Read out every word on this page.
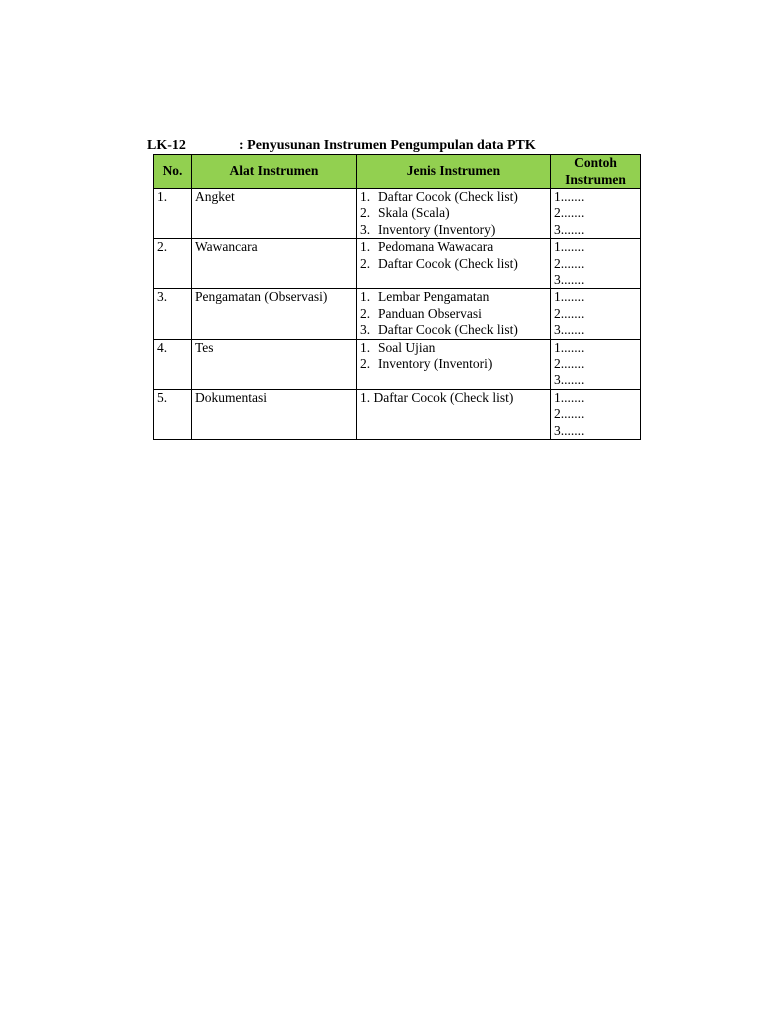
LK-12	: Penyusunan Instrumen Pengumpulan data PTK
No.	Alat Instrumen	Jenis Instrumen	Contoh
Instrumen

1.	Angket	1. Daftar Cocok (Check list)
2. Skala (Scala)
3. Inventory (Inventory)	1.......
2.......
3.......

2.	Wawancara	1. Pedomana Wawacara
2. Daftar Cocok (Check list)	1.......
2.......
3.......

3.	Pengamatan (Observasi)	1. Lembar Pengamatan
2. Panduan Observasi
3. Daftar Cocok (Check list)	1.......
2.......
3.......

4.	Tes	1. Soal Ujian
2. Inventory (Inventori)	1.......
2.......
3.......

5.	Dokumentasi	1. Daftar Cocok (Check list)	1.......
2.......
3.......
